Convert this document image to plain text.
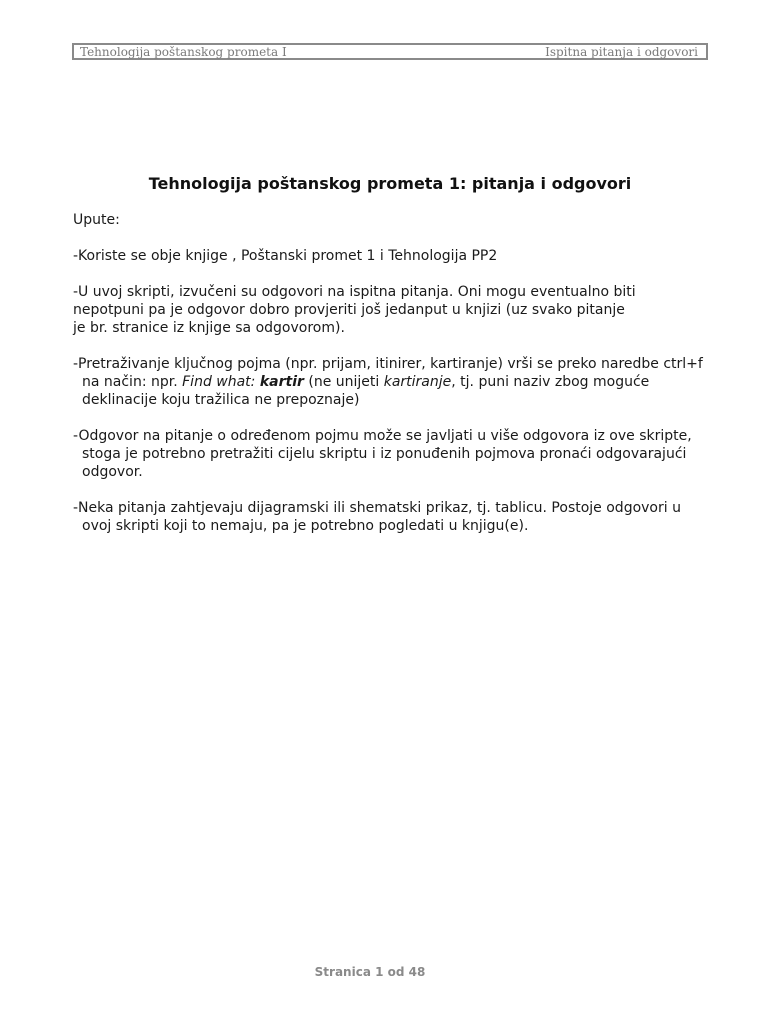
Tehnologija poštanskog prometa I	Ispitna pitanja i odgovori
Tehnologija poštanskog prometa 1: pitanja i odgovori

Upute:

-Koriste se obje knjige , Poštanski promet 1 i Tehnologija PP2

-U uvoj skripti, izvučeni su odgovori na ispitna pitanja. Oni mogu eventualno biti
nepotpuni pa je odgovor dobro provjeriti još jedanput u knjizi (uz svako pitanje
je br. stranice iz knjige sa odgovorom).

-Pretraživanje ključnog pojma (npr. prijam, itinirer, kartiranje) vrši se preko naredbe ctrl+f na način: npr. Find what: kartir (ne unijeti kartiranje, tj. puni naziv zbog moguće deklinacije koju tražilica ne prepoznaje)

-Odgovor na pitanje o određenom pojmu može se javljati u više odgovora iz ove skripte, stoga je potrebno pretražiti cijelu skriptu i iz ponuđenih pojmova pronaći odgovarajući odgovor.

-Neka pitanja zahtjevaju dijagramski ili shematski prikaz, tj. tablicu. Postoje odgovori u ovoj skripti koji to nemaju, pa je potrebno pogledati u knjigu(e).

Stranica 1 od 48
